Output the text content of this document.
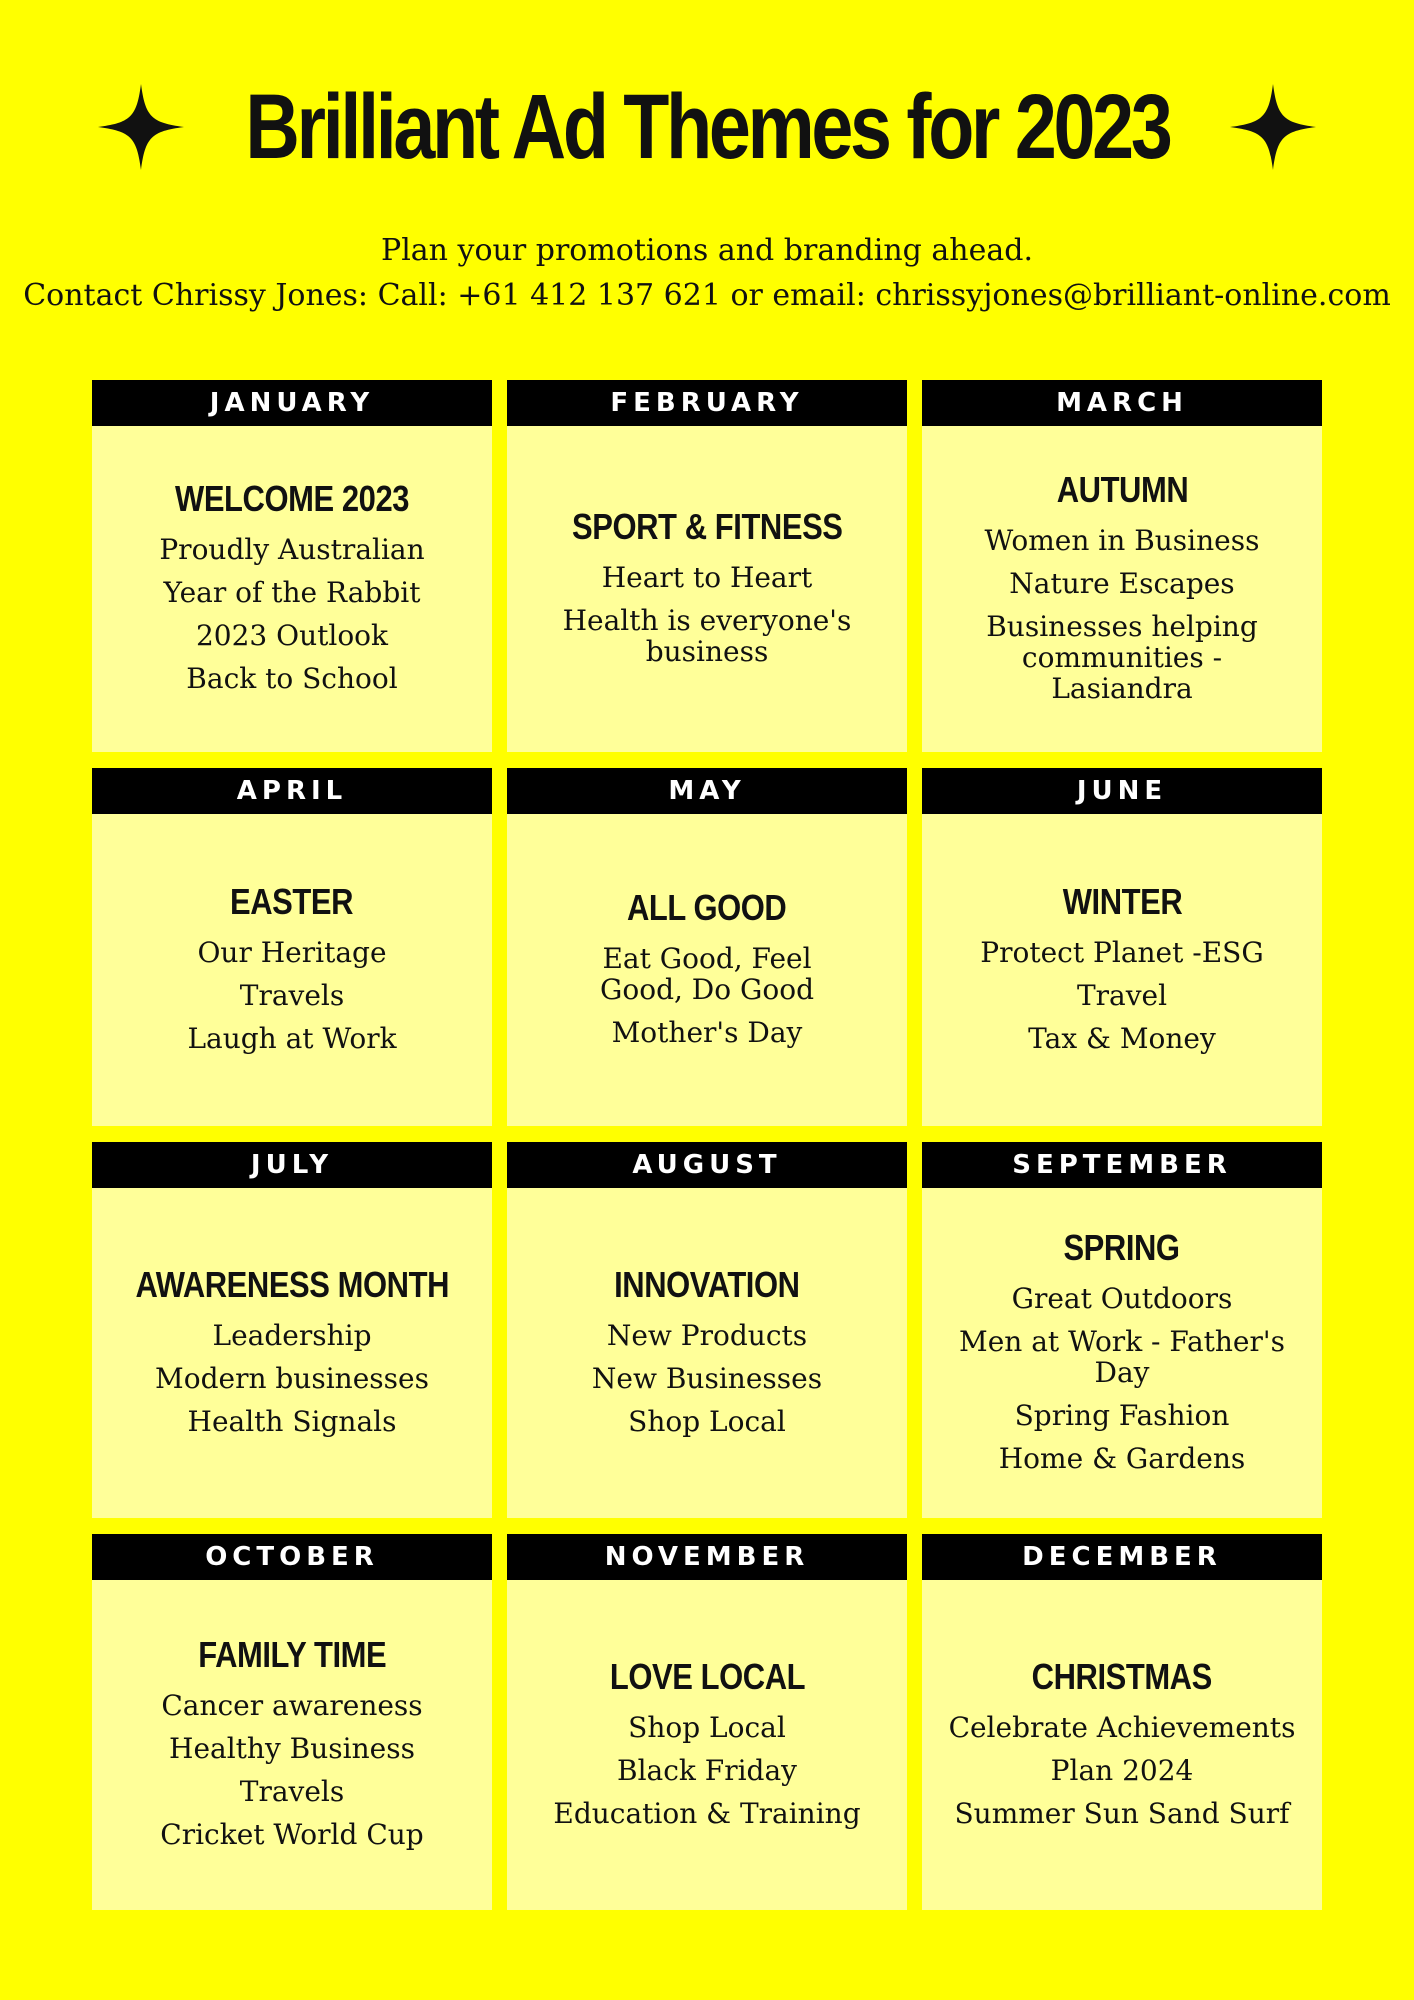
Brilliant Ad Themes for 2023
Plan your promotions and branding ahead.
Contact Chrissy Jones: Call: +61 412 137 621 or email: chrissyjones@brilliant-online.com
JANUARY
WELCOME 2023
Proudly Australian
Year of the Rabbit
2023 Outlook
Back to School
FEBRUARY
SPORT & FITNESS
Heart to Heart
Health is everyone's business
MARCH
AUTUMN
Women in Business
Nature Escapes
Businesses helping communities - Lasiandra
APRIL
EASTER
Our Heritage
Travels
Laugh at Work
MAY
ALL GOOD
Eat Good, Feel Good, Do Good
Mother's Day
JUNE
WINTER
Protect Planet -ESG
Travel
Tax & Money
JULY
AWARENESS MONTH
Leadership
Modern businesses
Health Signals
AUGUST
INNOVATION
New Products
New Businesses
Shop Local
SEPTEMBER
SPRING
Great Outdoors
Men at Work - Father's Day
Spring Fashion
Home & Gardens
OCTOBER
FAMILY TIME
Cancer awareness
Healthy Business
Travels
Cricket World Cup
NOVEMBER
LOVE LOCAL
Shop Local
Black Friday
Education & Training
DECEMBER
CHRISTMAS
Celebrate Achievements
Plan 2024
Summer Sun Sand Surf
